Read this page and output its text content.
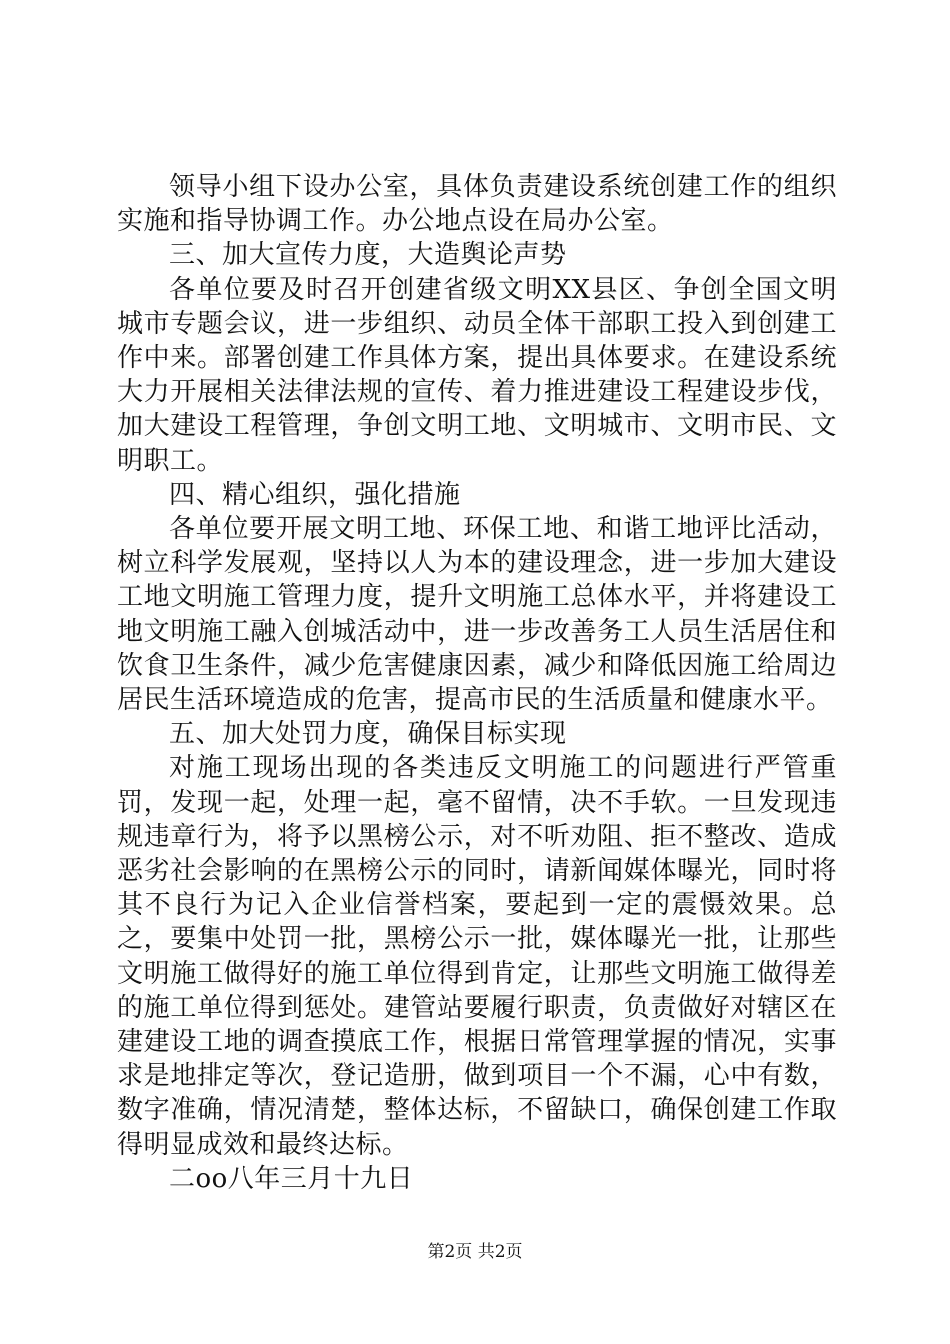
领导小组下设办公室，具体负责建设系统创建工作的组织实施和指导协调工作。办公地点设在局办公室。

三、加大宣传力度，大造舆论声势

各单位要及时召开创建省级文明XX县区、争创全国文明城市专题会议，进一步组织、动员全体干部职工投入到创建工作中来。部署创建工作具体方案，提出具体要求。在建设系统大力开展相关法律法规的宣传、着力推进建设工程建设步伐，加大建设工程管理，争创文明工地、文明城市、文明市民、文明职工。

四、精心组织，强化措施

各单位要开展文明工地、环保工地、和谐工地评比活动，树立科学发展观，坚持以人为本的建设理念，进一步加大建设工地文明施工管理力度，提升文明施工总体水平，并将建设工地文明施工融入创城活动中，进一步改善务工人员生活居住和饮食卫生条件，减少危害健康因素，减少和降低因施工给周边居民生活环境造成的危害，提高市民的生活质量和健康水平。

五、加大处罚力度，确保目标实现

对施工现场出现的各类违反文明施工的问题进行严管重罚，发现一起，处理一起，毫不留情，决不手软。一旦发现违规违章行为，将予以黑榜公示，对不听劝阻、拒不整改、造成恶劣社会影响的在黑榜公示的同时，请新闻媒体曝光，同时将其不良行为记入企业信誉档案，要起到一定的震慑效果。总之，要集中处罚一批，黑榜公示一批，媒体曝光一批，让那些文明施工做得好的施工单位得到肯定，让那些文明施工做得差的施工单位得到惩处。建管站要履行职责，负责做好对辖区在建建设工地的调查摸底工作，根据日常管理掌握的情况，实事求是地排定等次，登记造册，做到项目一个不漏，心中有数，数字准确，情况清楚，整体达标，不留缺口，确保创建工作取得明显成效和最终达标。

二oo八年三月十九日

第2页 共2页
